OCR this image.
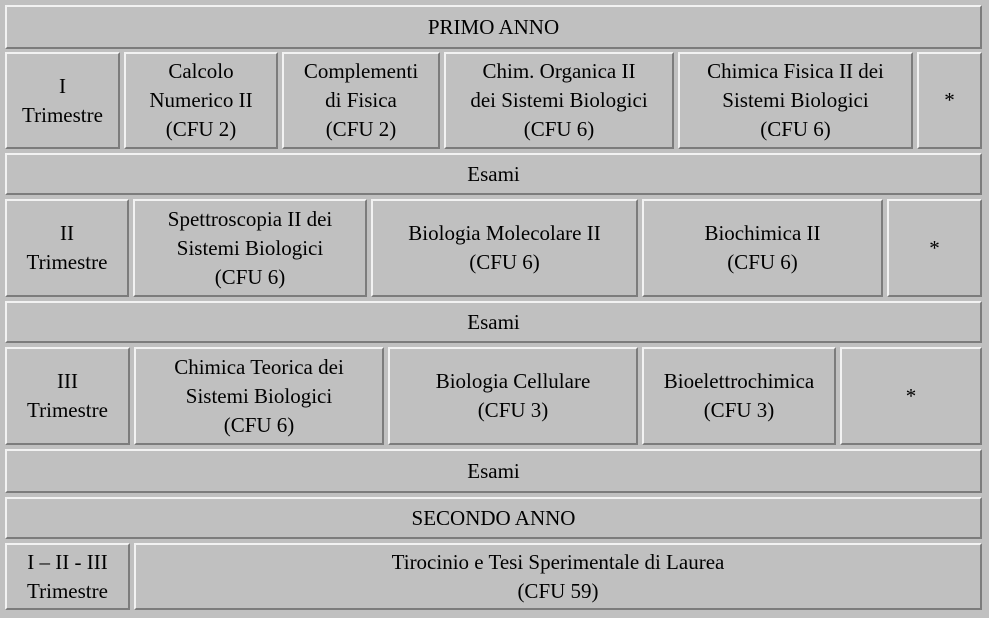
PRIMO ANNO
I
Trimestre
Calcolo
Numerico II
(CFU 2)
Complementi
di Fisica
(CFU 2)
Chim. Organica II
dei Sistemi Biologici
(CFU 6)
Chimica Fisica II dei
Sistemi Biologici
(CFU 6)
*
Esami
II
Trimestre
Spettroscopia II dei
Sistemi Biologici
(CFU 6)
Biologia Molecolare II
(CFU 6)
Biochimica II
(CFU 6)
*
Esami
III
Trimestre
Chimica Teorica dei
Sistemi Biologici
(CFU 6)
Biologia Cellulare
(CFU 3)
Bioelettrochimica
(CFU 3)
*
Esami
SECONDO ANNO
I – II - III
Trimestre
Tirocinio e Tesi Sperimentale di Laurea
(CFU 59)
